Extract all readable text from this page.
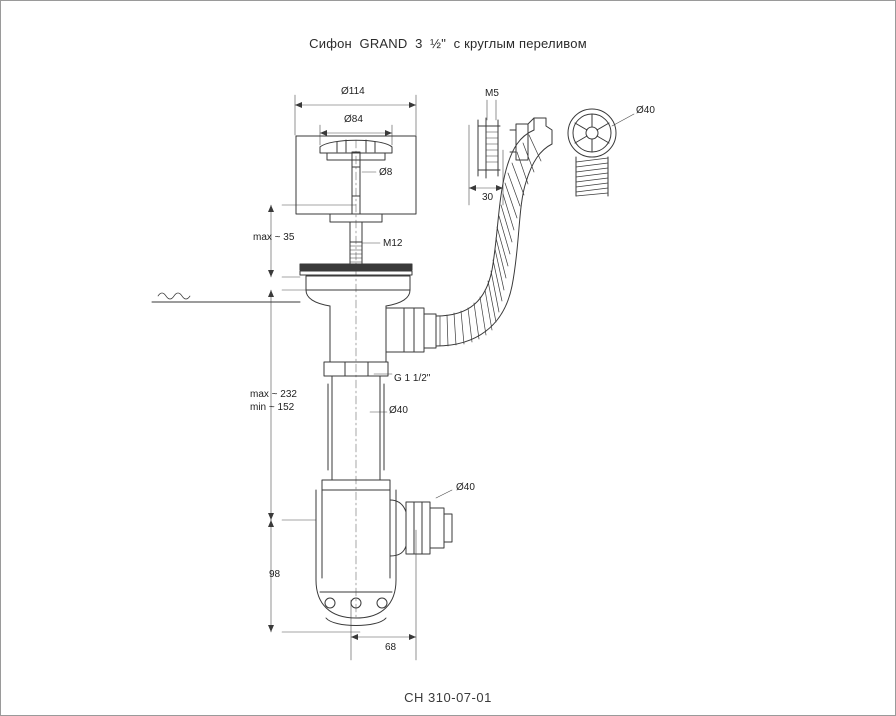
Сифон  GRAND  3  ½"  с круглым переливом
Ø114
Ø84
Ø8
M5
Ø40
30
max ~ 35
M12
G 1 1/2"
max ~ 232
min ~ 152	Ø40
Ø40
98
68
СН 310-07-01
